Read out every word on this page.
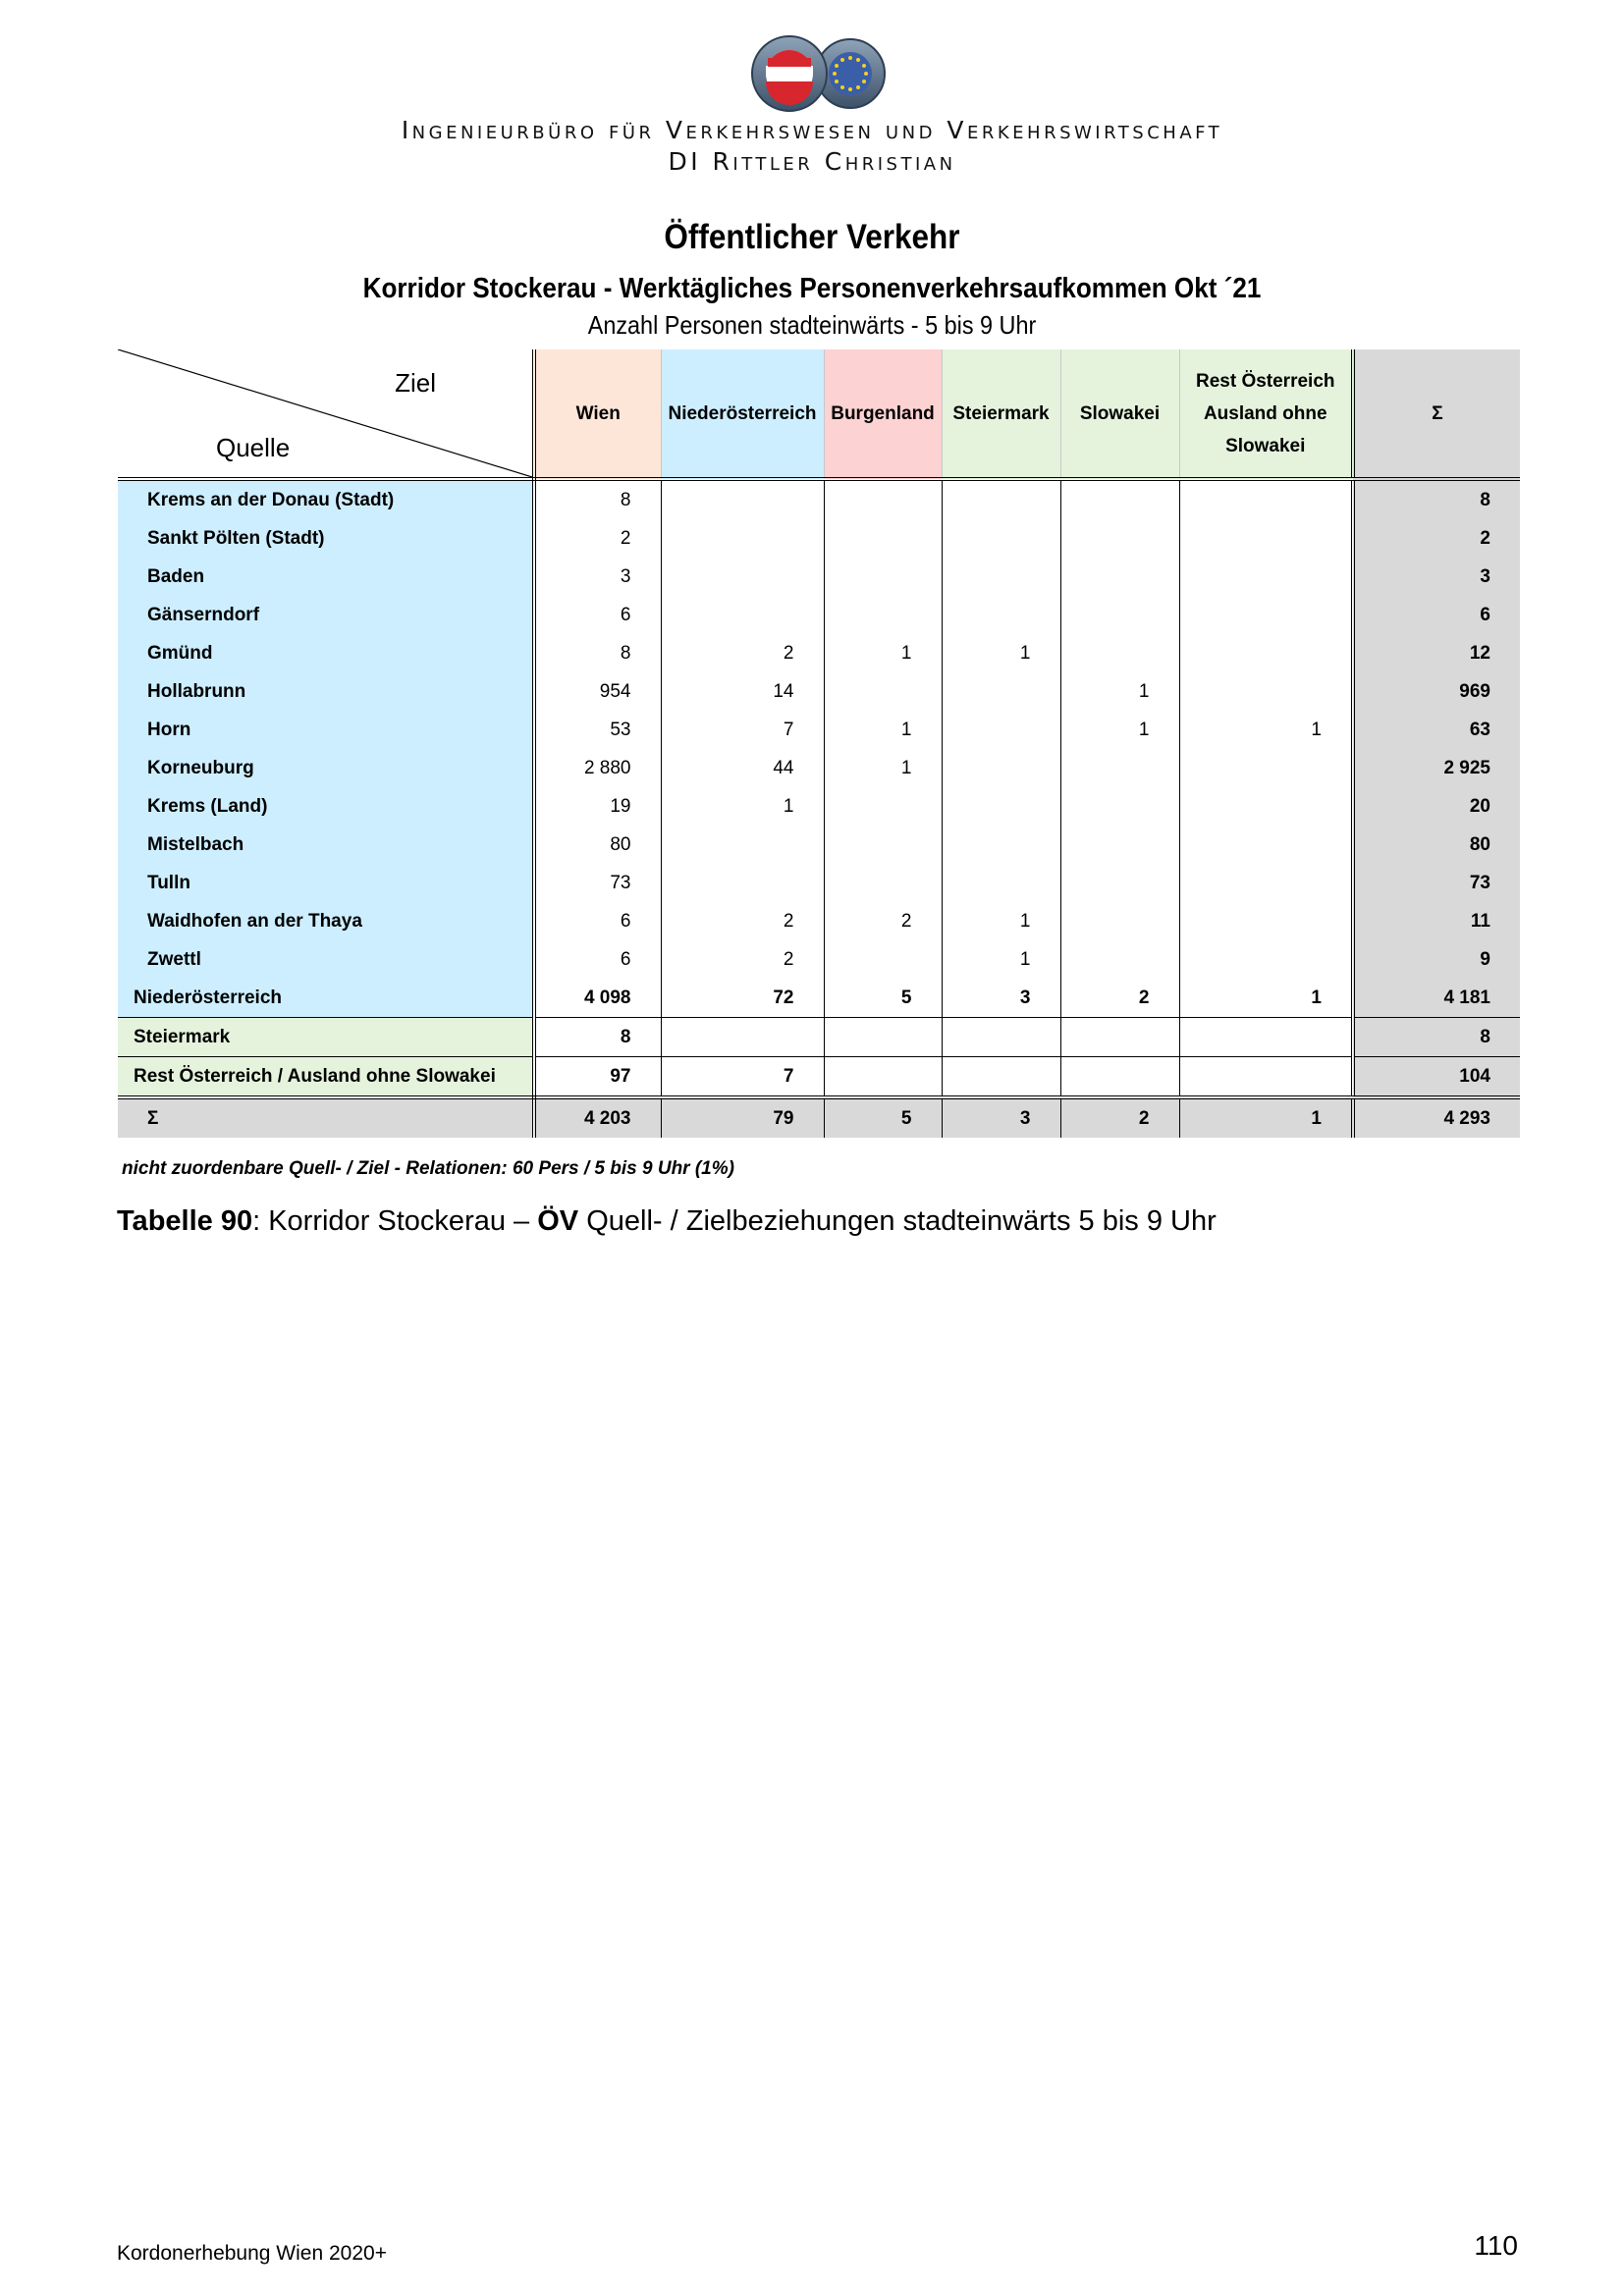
Ingenieurbüro für Verkehrswesen und Verkehrswirtschaft
DI Rittler Christian
Öffentlicher Verkehr
Korridor Stockerau - Werktägliches Personenverkehrsaufkommen Okt ´21
Anzahl Personen stadteinwärts - 5 bis 9 Uhr
Ziel
Quelle	Wien	Niederösterreich	Burgenland	Steiermark	Slowakei	Rest Österreich Ausland ohne Slowakei	Σ
Krems an der Donau (Stadt)	8						8
Sankt Pölten (Stadt)	2						2
Baden	3						3
Gänserndorf	6						6
Gmünd	8	2	1	1			12
Hollabrunn	954	14			1		969
Horn	53	7	1		1	1	63
Korneuburg	2 880	44	1				2 925
Krems (Land)	19	1					20
Mistelbach	80						80
Tulln	73						73
Waidhofen an der Thaya	6	2	2	1			11
Zwettl	6	2		1			9
Niederösterreich	4 098	72	5	3	2	1	4 181
Steiermark	8						8
Rest Österreich / Ausland ohne Slowakei	97	7					104
Σ	4 203	79	5	3	2	1	4 293
nicht zuordenbare Quell- / Ziel - Relationen: 60 Pers / 5 bis 9 Uhr (1%)
Tabelle 90: Korridor Stockerau – ÖV Quell- / Zielbeziehungen stadteinwärts 5 bis 9 Uhr
Kordonerhebung Wien 2020+	110
